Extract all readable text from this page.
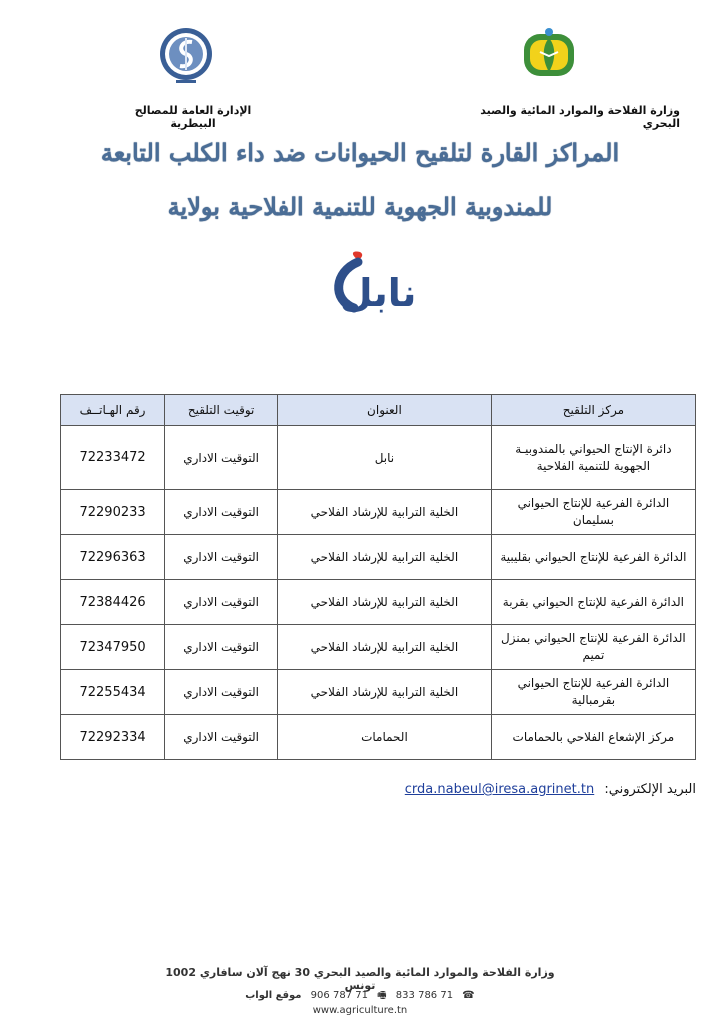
الإدارة العامة للمصالح البيطرية
وزارة الفلاحة والموارد المائية والصيد البحري
المراكز القارة لتلقيح الحيوانات ضد داء الكلب التابعة
للمندوبية الجهوية للتنمية الفلاحية بولاية
نابل
مركز التلقيح	العنوان	توقيت التلقيح	رقم الهـاتــف
دائرة الإنتاج الحيواني بالمندوبيـة الجهوية للتنمية الفلاحية	نابل	التوقيت الاداري	72233472
الدائرة الفرعية للإنتاج الحيواني بسليمان	الخلية الترابية للإرشاد الفلاحي	التوقيت الاداري	72290233
الدائرة الفرعية للإنتاج الحيواني بقليبية	الخلية الترابية للإرشاد الفلاحي	التوقيت الاداري	72296363
الدائرة الفرعية للإنتاج الحيواني بقربة	الخلية الترابية للإرشاد الفلاحي	التوقيت الاداري	72384426
الدائرة الفرعية للإنتاج الحيواني بمنزل تميم	الخلية الترابية للإرشاد الفلاحي	التوقيت الاداري	72347950
الدائرة الفرعية للإنتاج الحيواني بقرمبالية	الخلية الترابية للإرشاد الفلاحي	التوقيت الاداري	72255434
مركز الإشعاع الفلاحي بالحمامات	الحمامات	التوقيت الاداري	72292334
البريد الإلكتروني: crda.nabeul@iresa.agrinet.tn
وزارة الفلاحة والموارد المائية والصيد البحري 30 نهج آلان سافاري 1002 تونس
☎ 71 786 833 🖷 71 787 906 موقع الواب www.agriculture.tn
